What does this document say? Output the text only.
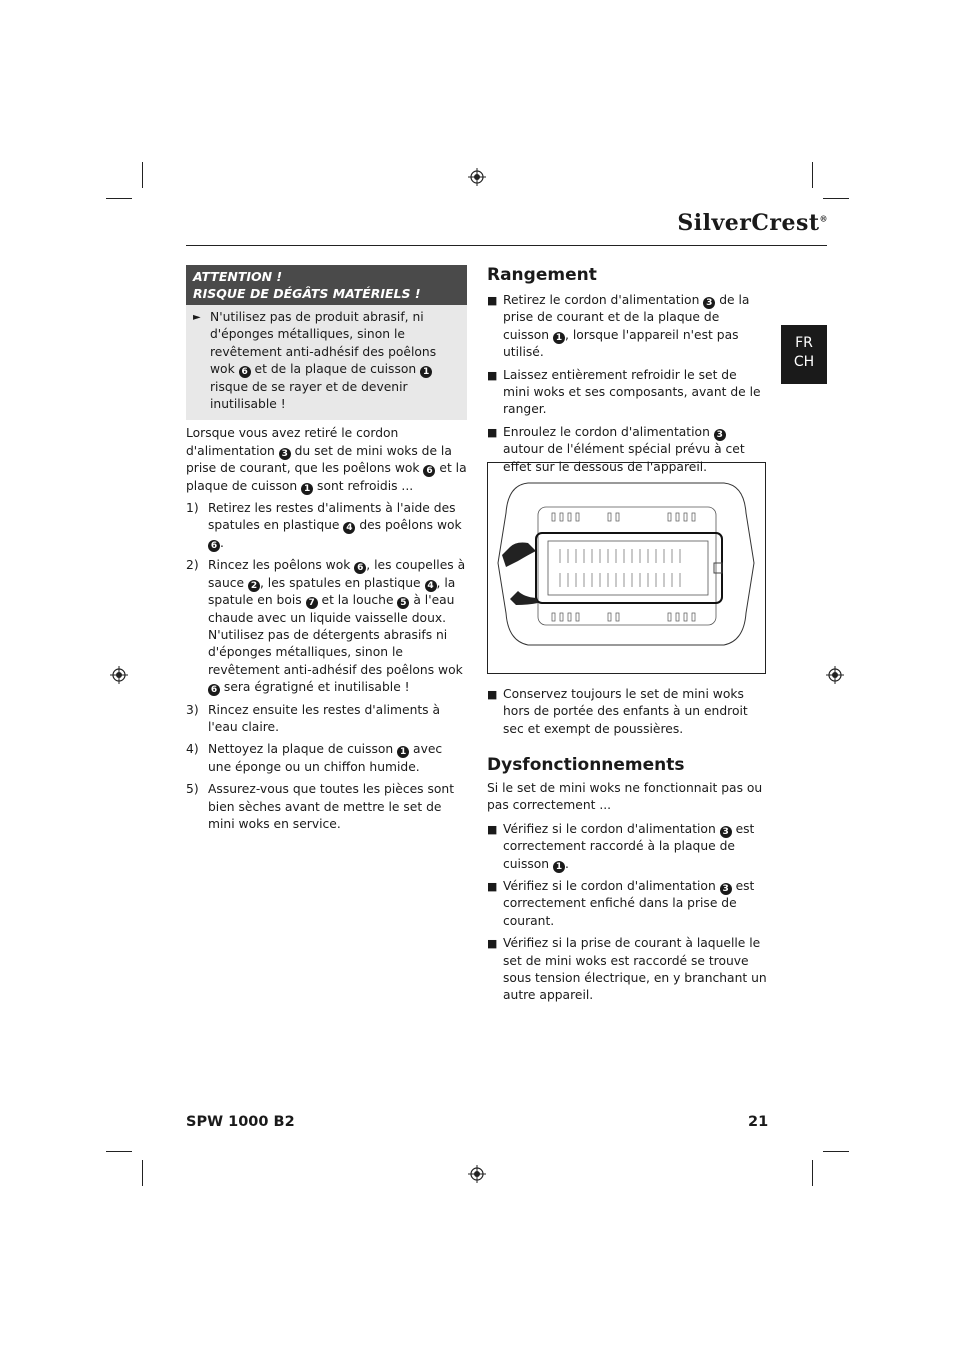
SilverCrest®
FR
CH
ATTENTION !
RISQUE DE DÉGÂTS MATÉRIELS !
► N'utilisez pas de produit abrasif, ni d'éponges métalliques, sinon le revêtement anti-adhésif des poêlons wok 6 et de la plaque de cuisson 1 risque de se rayer et de devenir inutilisable !

Lorsque vous avez retiré le cordon d'alimentation 3 du set de mini woks de la prise de courant, que les poêlons wok 6 et la plaque de cuisson 1 sont refroidis ...

1) Retirez les restes d'aliments à l'aide des spatules en plastique 4 des poêlons wok 6 .

2) Rincez les poêlons wok 6 , les coupelles à sauce 2 , les spatules en plastique 4 , la spatule en bois 7 et la louche 5 à l'eau chaude avec un liquide vaisselle doux. N'utilisez pas de détergents abrasifs ni d'éponges métalliques, sinon le revêtement anti-adhésif des poêlons wok 6 sera égratigné et inutilisable !

3) Rincez ensuite les restes d'aliments à l'eau claire.

4) Nettoyez la plaque de cuisson 1 avec une éponge ou un chiffon humide.

5) Assurez-vous que toutes les pièces sont bien sèches avant de mettre le set de mini woks en service.

Rangement
■ Retirez le cordon d'alimentation 3 de la prise de courant et de la plaque de cuisson 1 , lorsque l'appareil n'est pas utilisé.

■ Laissez entièrement refroidir le set de mini woks et ses composants, avant de le ranger.

■ Enroulez le cordon d'alimentation 3 autour de l'élément spécial prévu à cet effet sur le dessous de l'appareil.

■ Conservez toujours le set de mini woks hors de portée des enfants à un endroit sec et exempt de poussières.

Dysfonctionnements

Si le set de mini woks ne fonctionnait pas ou pas correctement ...

■ Vérifiez si le cordon d'alimentation 3 est correctement raccordé à la plaque de cuisson 1 .

■ Vérifiez si le cordon d'alimentation 3 est correctement enfiché dans la prise de courant.

■ Vérifiez si la prise de courant à laquelle le set de mini woks est raccordé se trouve sous tension électrique, en y branchant un autre appareil.

SPW 1000 B2	21
